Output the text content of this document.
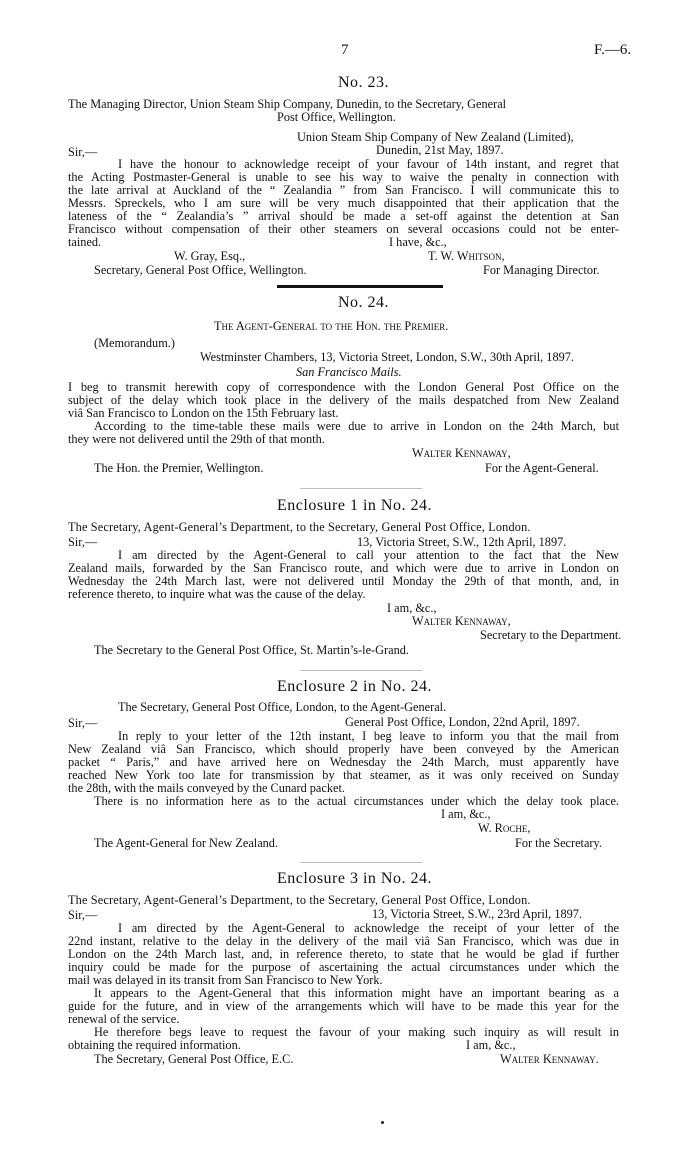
7	F.—6.
No. 23.
The Managing Director, Union Steam Ship Company, Dunedin, to the Secretary, General
Post Office, Wellington.
Union Steam Ship Company of New Zealand (Limited),
Sir,—	Dunedin, 21st May, 1897.
I have the honour to acknowledge receipt of your favour of 14th instant, and regret that
the Acting Postmaster-General is unable to see his way to waive the penalty in connection with
the late arrival at Auckland of the “ Zealandia ” from San Francisco. I will communicate this to
Messrs. Spreckels, who I am sure will be very much disappointed that their application that the
lateness of the “ Zealandia’s ” arrival should be made a set-off against the detention at San
Francisco without compensation of their other steamers on several occasions could not be enter-
tained.	I have, &c.,
W. Gray, Esq.,	T. W. Whitson,
Secretary, General Post Office, Wellington.	For Managing Director.
No. 24.
The Agent-General to the Hon. the Premier.
(Memorandum.)
Westminster Chambers, 13, Victoria Street, London, S.W., 30th April, 1897.
San Francisco Mails.
I beg to transmit herewith copy of correspondence with the London General Post Office on the
subject of the delay which took place in the delivery of the mails despatched from New Zealand
viâ San Francisco to London on the 15th February last.
According to the time-table these mails were due to arrive in London on the 24th March, but
they were not delivered until the 29th of that month.
Walter Kennaway,
The Hon. the Premier, Wellington.	For the Agent-General.
Enclosure 1 in No. 24.
The Secretary, Agent-General’s Department, to the Secretary, General Post Office, London.
Sir,—	13, Victoria Street, S.W., 12th April, 1897.
I am directed by the Agent-General to call your attention to the fact that the New
Zealand mails, forwarded by the San Francisco route, and which were due to arrive in London on
Wednesday the 24th March last, were not delivered until Monday the 29th of that month, and, in
reference thereto, to inquire what was the cause of the delay.
I am, &c.,
Walter Kennaway,
Secretary to the Department.
The Secretary to the General Post Office, St. Martin’s-le-Grand.
Enclosure 2 in No. 24.
The Secretary, General Post Office, London, to the Agent-General.
Sir,—	General Post Office, London, 22nd April, 1897.
In reply to your letter of the 12th instant, I beg leave to inform you that the mail from
New Zealand viâ San Francisco, which should properly have been conveyed by the American
packet “ Paris,” and have arrived here on Wednesday the 24th March, must apparently have
reached New York too late for transmission by that steamer, as it was only received on Sunday
the 28th, with the mails conveyed by the Cunard packet.
There is no information here as to the actual circumstances under which the delay took place.
I am, &c.,
W. Roche,
The Agent-General for New Zealand.	For the Secretary.
Enclosure 3 in No. 24.
The Secretary, Agent-General’s Department, to the Secretary, General Post Office, London.
Sir,—	13, Victoria Street, S.W., 23rd April, 1897.
I am directed by the Agent-General to acknowledge the receipt of your letter of the
22nd instant, relative to the delay in the delivery of the mail viâ San Francisco, which was due in
London on the 24th March last, and, in reference thereto, to state that he would be glad if further
inquiry could be made for the purpose of ascertaining the actual circumstances under which the
mail was delayed in its transit from San Francisco to New York.
It appears to the Agent-General that this information might have an important bearing as a
guide for the future, and in view of the arrangements which will have to be made this year for the
renewal of the service.
He therefore begs leave to request the favour of your making such inquiry as will result in
obtaining the required information.	I am, &c.,
The Secretary, General Post Office, E.C.	Walter Kennaway.
